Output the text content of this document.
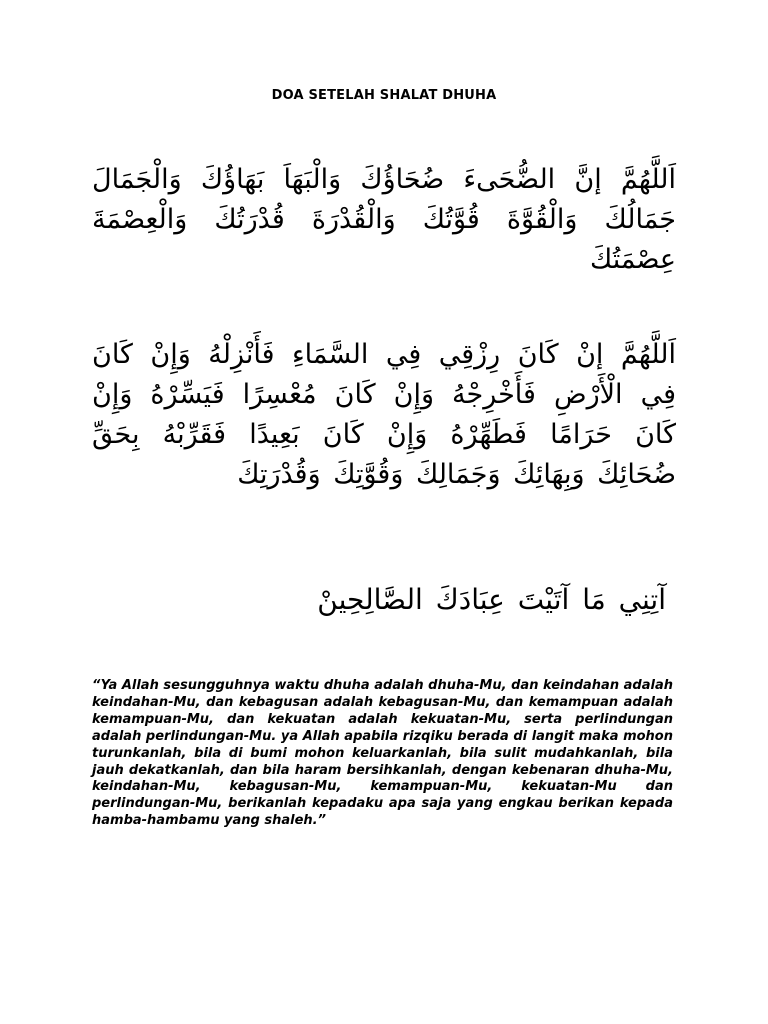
DOA SETELAH SHALAT DHUHA
اَللَّهُمَّ إنَّ الضُّحَىءَ ضُحَاؤُكَ وَالْبَهَاَ بَهَاؤُكَ وَالْجَمَالَ جَمَالُكَ وَالْقُوَّةَ قُوَّتُكَ وَالْقُدْرَةَ قُدْرَتُكَ وَالْعِصْمَةَ عِصْمَتُكَ
اَللَّهُمَّ إنْ كَانَ رِزْقِي فِي السَّمَاءِ فَأَنْزِلْهُ وَإِنْ كَانَ فِي الْأَرْضِ فَأَخْرِجْهُ وَإِنْ كَانَ مُعْسِرًا فَيَسِّرْهُ وَإِنْ كَانَ حَرَامًا فَطَهِّرْهُ وَإِنْ كَانَ بَعِيدًا فَقَرِّبْهُ بِحَقِّ ضُحَائِكَ وَبِهَائِكَ وَجَمَالِكَ وَقُوَّتِكَ وَقُدْرَتِكَ
آتِنِي مَا آتَيْتَ عِبَادَكَ الصَّالِحِينْ
“Ya Allah sesungguhnya waktu dhuha adalah dhuha-Mu, dan keindahan adalah keindahan-Mu, dan kebagusan adalah kebagusan-Mu, dan kemampuan adalah kemampuan-Mu, dan kekuatan adalah kekuatan-Mu, serta perlindungan adalah perlindungan-Mu. ya Allah apabila rizqiku berada di langit maka mohon turunkanlah, bila di bumi mohon keluarkanlah, bila sulit mudahkanlah, bila jauh dekatkanlah, dan bila haram bersihkanlah, dengan kebenaran dhuha-Mu, keindahan-Mu, kebagusan-Mu, kemampuan-Mu, kekuatan-Mu dan perlindungan-Mu, berikanlah kepadaku apa saja yang engkau berikan kepada hamba-hambamu yang shaleh.”
